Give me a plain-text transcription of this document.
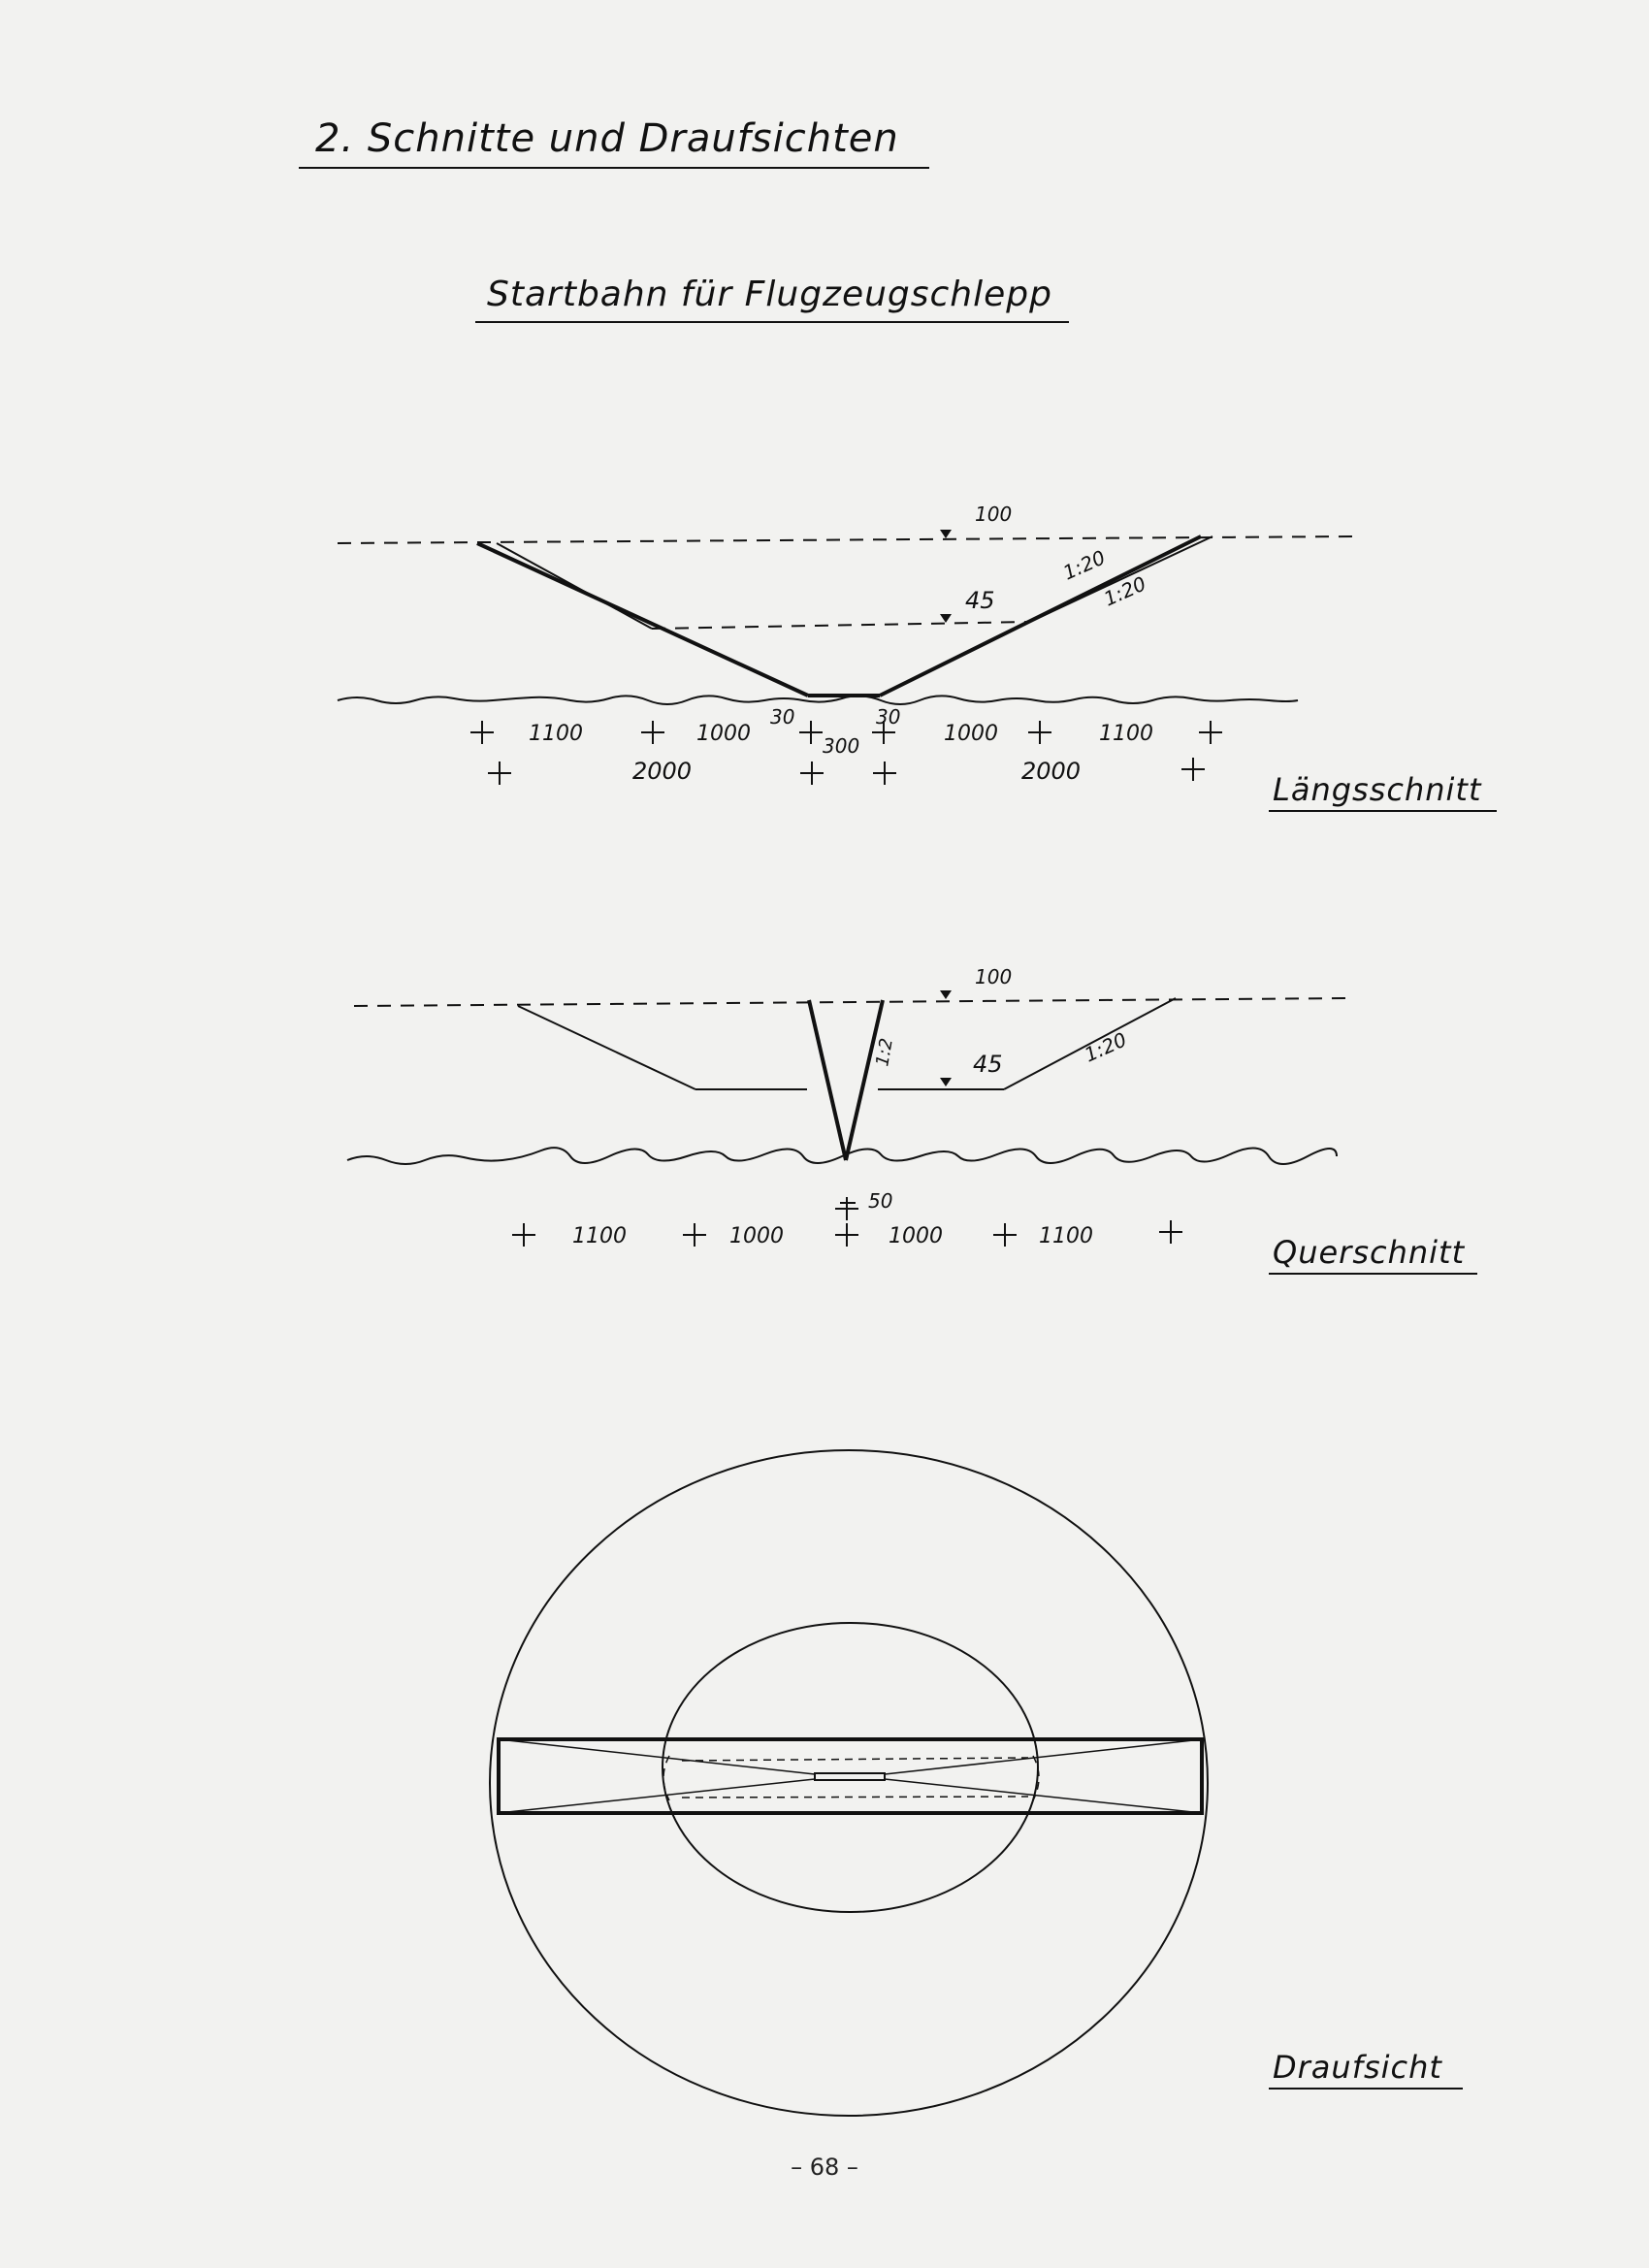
2. Schnitte und Draufsichten
Startbahn für Flugzeugschlepp
100
45
1:20
1:20
1100	1000
30	30
1000	1100
300
2000	2000
100
45
1:2	1:20
50
1100	1000	1000	1100
Längsschnitt
Querschnitt
Draufsicht
– 68 –
